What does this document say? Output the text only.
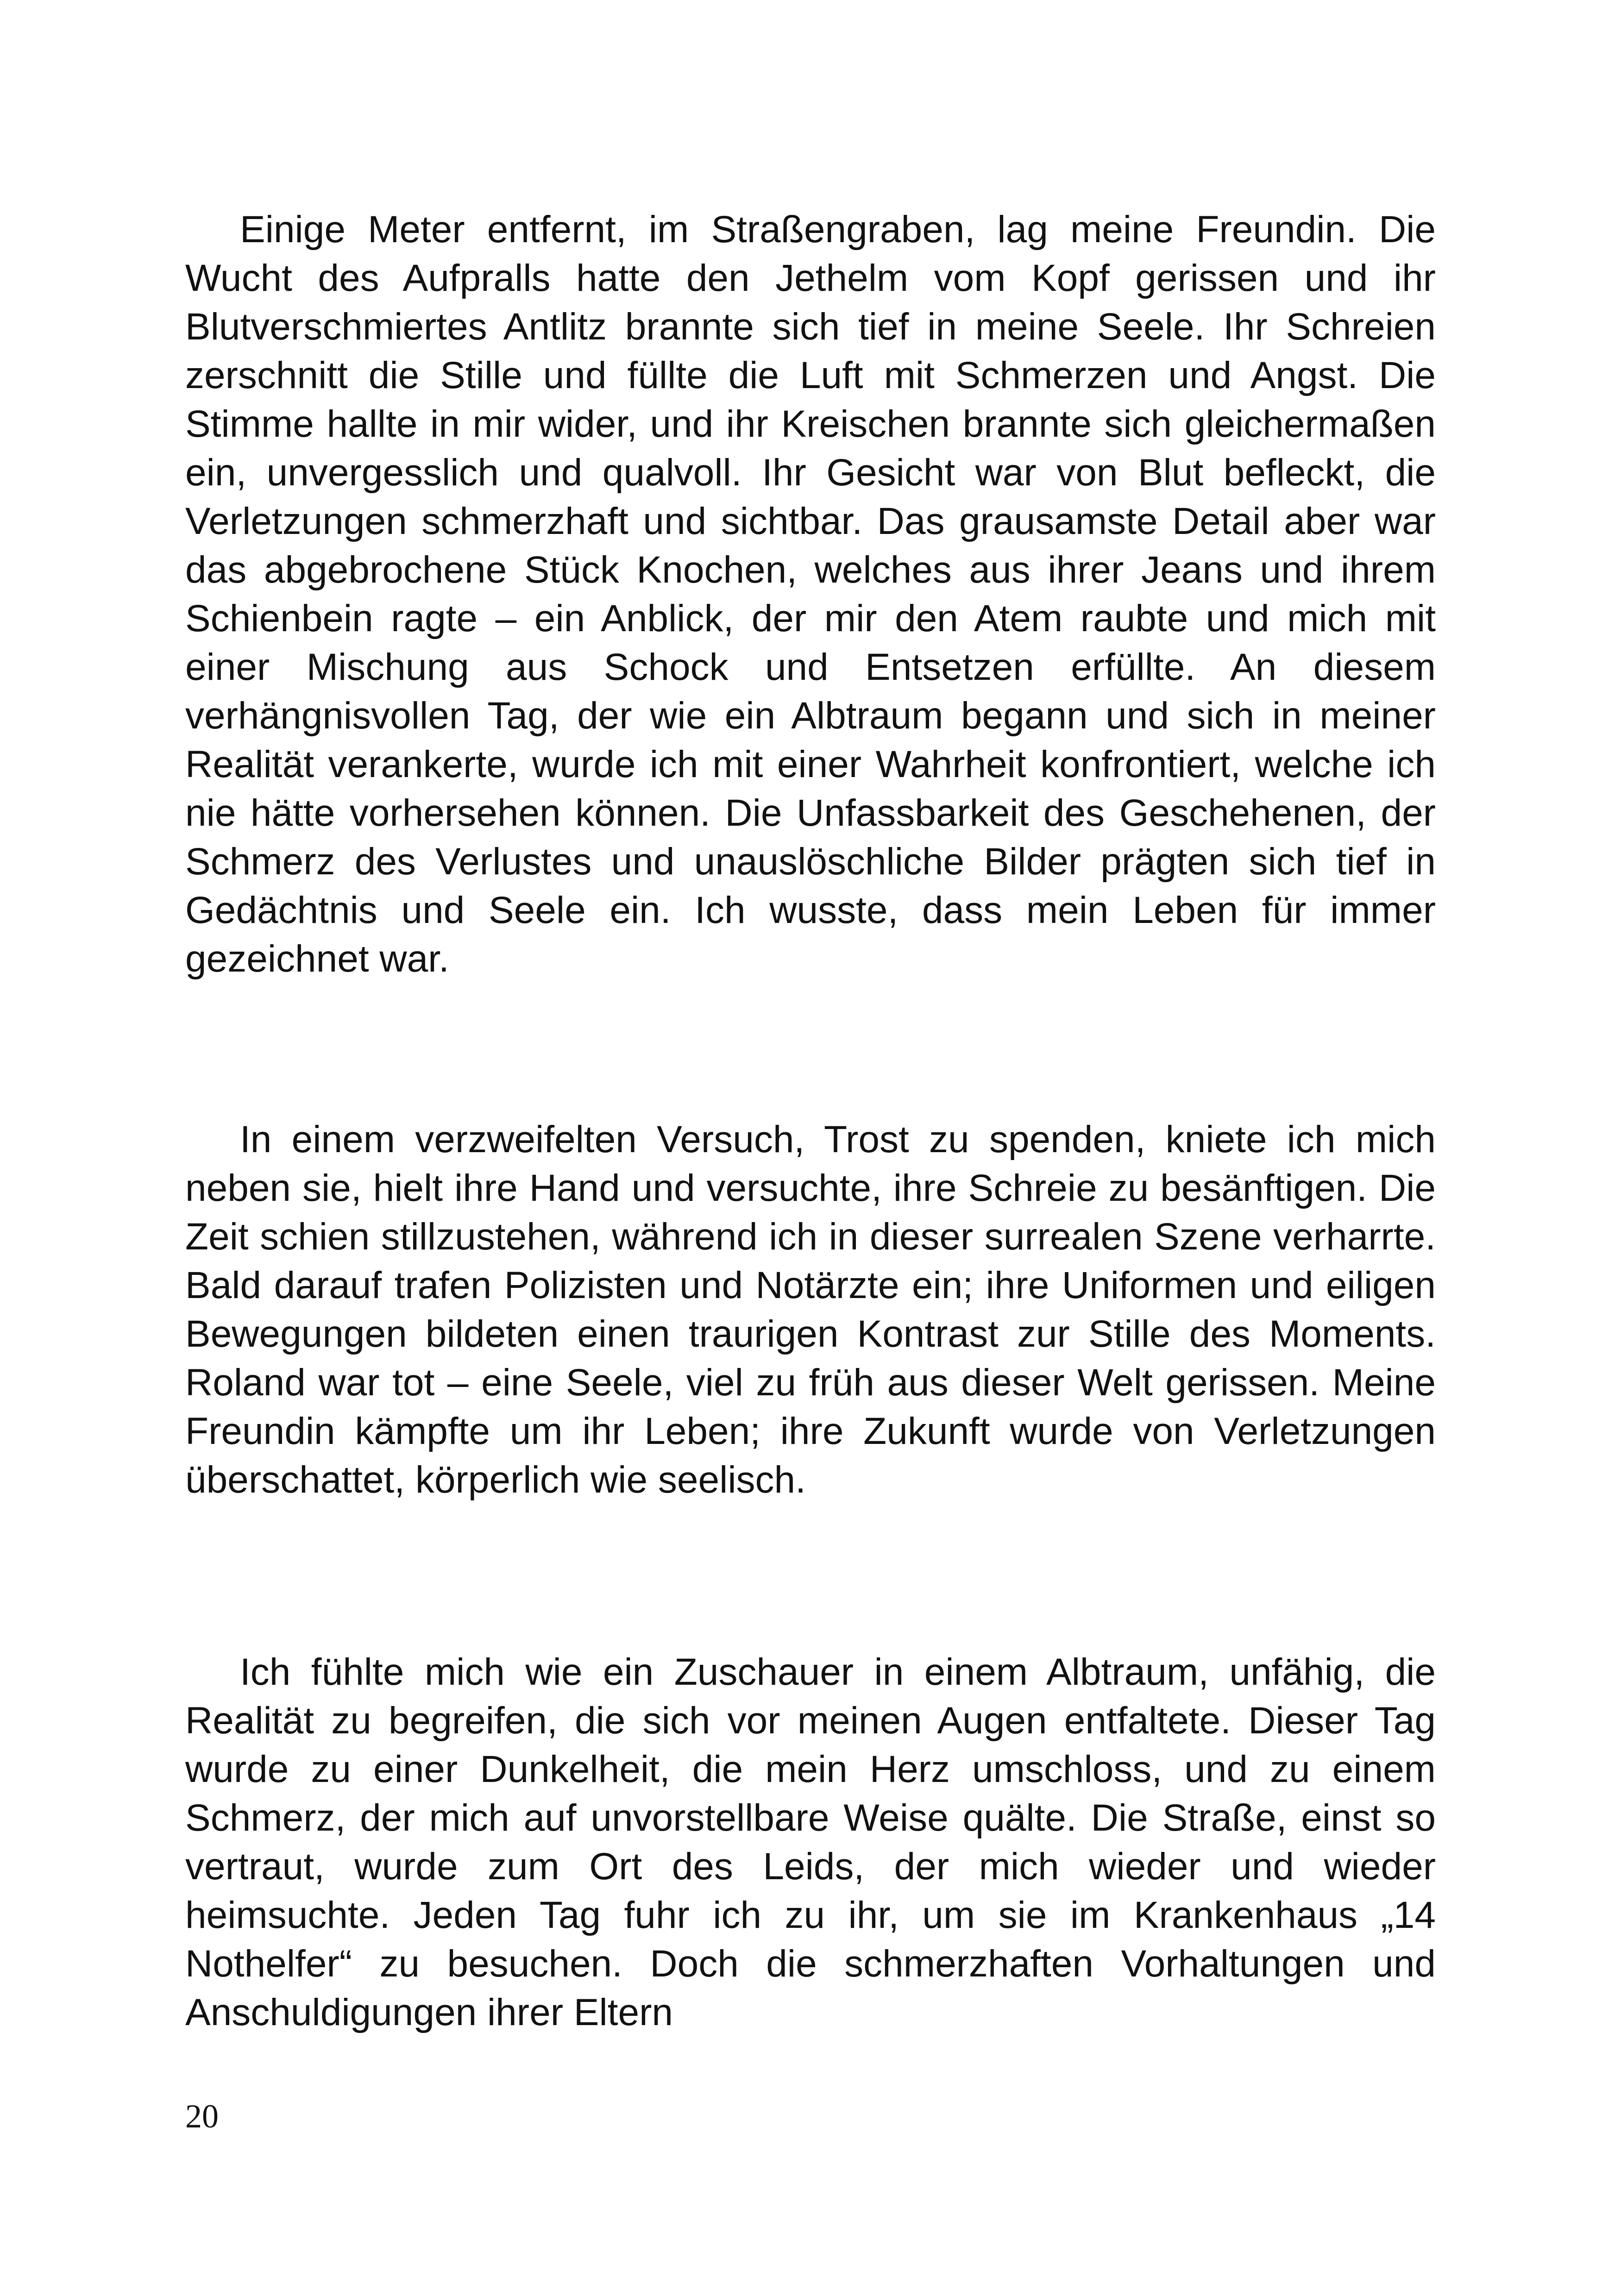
Einige Meter entfernt, im Straßengraben, lag meine Freundin. Die Wucht des Aufpralls hatte den Jethelm vom Kopf gerissen und ihr Blutverschmiertes Antlitz brannte sich tief in meine Seele. Ihr Schreien zerschnitt die Stille und füllte die Luft mit Schmerzen und Angst. Die Stimme hallte in mir wider, und ihr Kreischen brannte sich gleichermaßen ein, unvergesslich und qualvoll. Ihr Gesicht war von Blut befleckt, die Verletzungen schmerzhaft und sichtbar. Das grausamste Detail aber war das abgebrochene Stück Knochen, welches aus ihrer Jeans und ihrem Schienbein ragte – ein Anblick, der mir den Atem raubte und mich mit einer Mischung aus Schock und Entsetzen erfüllte. An diesem verhängnisvollen Tag, der wie ein Albtraum begann und sich in meiner Realität verankerte, wurde ich mit einer Wahrheit konfrontiert, welche ich nie hätte vorhersehen können. Die Unfassbarkeit des Geschehenen, der Schmerz des Verlustes und unauslöschliche Bilder prägten sich tief in Gedächtnis und Seele ein. Ich wusste, dass mein Leben für immer gezeichnet war.

In einem verzweifelten Versuch, Trost zu spenden, kniete ich mich neben sie, hielt ihre Hand und versuchte, ihre Schreie zu besänftigen. Die Zeit schien stillzustehen, während ich in dieser surrealen Szene verharrte. Bald darauf trafen Polizisten und Notärzte ein; ihre Uniformen und eiligen Bewegungen bildeten einen traurigen Kontrast zur Stille des Moments. Roland war tot – eine Seele, viel zu früh aus dieser Welt gerissen. Meine Freundin kämpfte um ihr Leben; ihre Zukunft wurde von Verletzungen überschattet, körperlich wie seelisch.

Ich fühlte mich wie ein Zuschauer in einem Albtraum, unfähig, die Realität zu begreifen, die sich vor meinen Augen entfaltete. Dieser Tag wurde zu einer Dunkelheit, die mein Herz umschloss, und zu einem Schmerz, der mich auf unvorstellbare Weise quälte. Die Straße, einst so vertraut, wurde zum Ort des Leids, der mich wieder und wieder heimsuchte. Jeden Tag fuhr ich zu ihr, um sie im Krankenhaus „14 Nothelfer“ zu besuchen. Doch die schmerzhaften Vorhaltungen und Anschuldigungen ihrer Eltern

20
